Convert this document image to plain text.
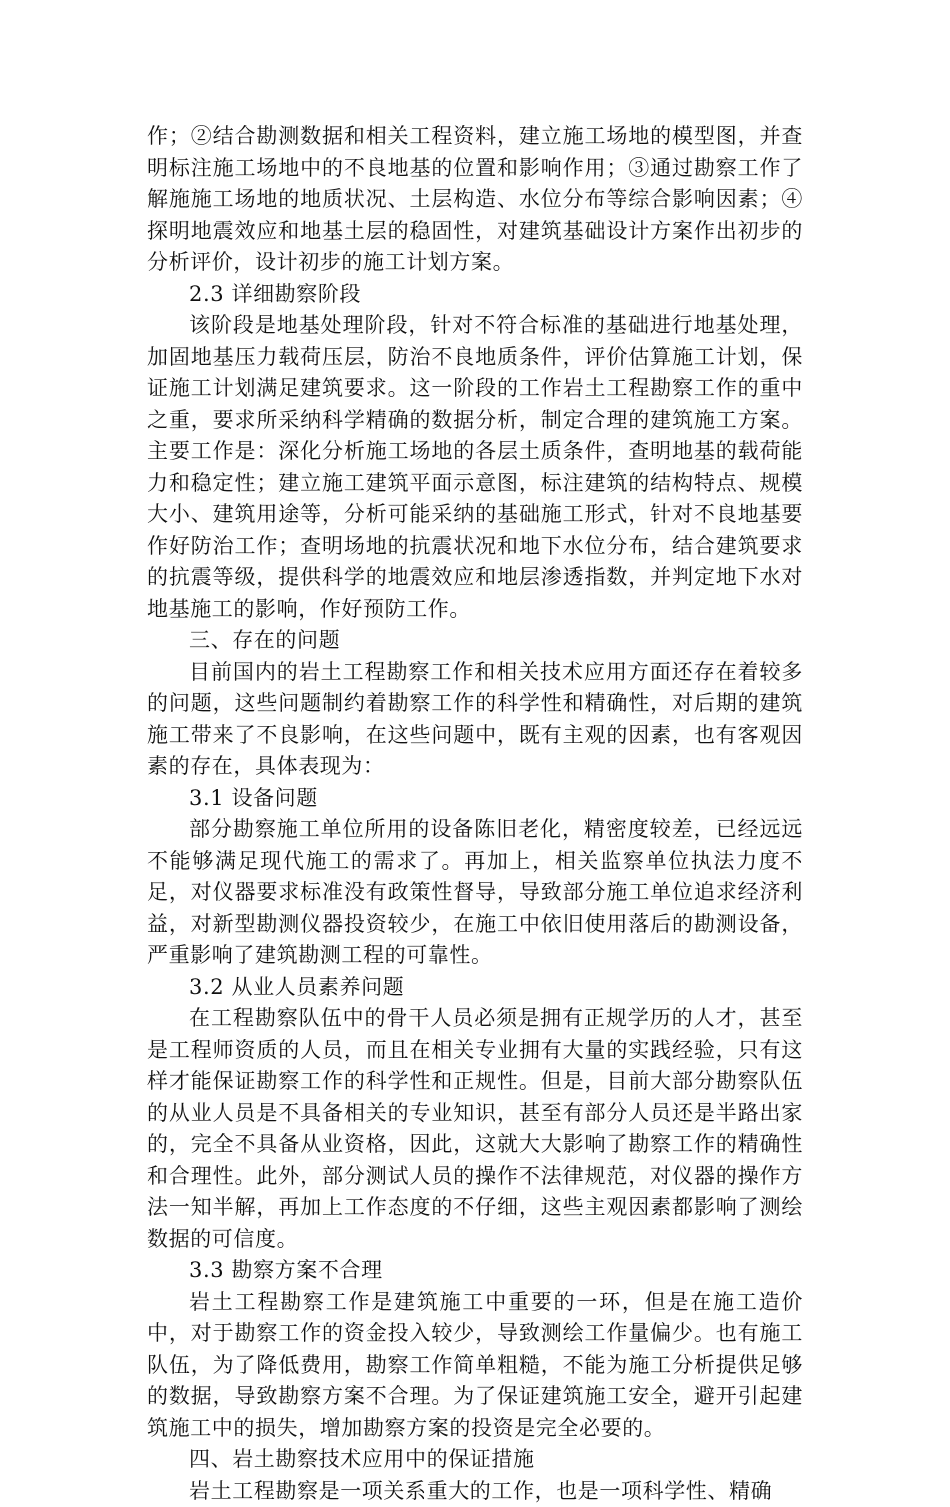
作；②结合勘测数据和相关工程资料，建立施工场地的模型图，并查明标注施工场地中的不良地基的位置和影响作用；③通过勘察工作了解施施工场地的地质状况、土层构造、水位分布等综合影响因素；④探明地震效应和地基土层的稳固性，对建筑基础设计方案作出初步的分析评价，设计初步的施工计划方案。

2.3 详细勘察阶段

该阶段是地基处理阶段，针对不符合标准的基础进行地基处理，加固地基压力载荷压层，防治不良地质条件，评价估算施工计划，保证施工计划满足建筑要求。这一阶段的工作岩土工程勘察工作的重中之重，要求所采纳科学精确的数据分析，制定合理的建筑施工方案。主要工作是：深化分析施工场地的各层土质条件，查明地基的载荷能力和稳定性；建立施工建筑平面示意图，标注建筑的结构特点、规模大小、建筑用途等，分析可能采纳的基础施工形式，针对不良地基要作好防治工作；查明场地的抗震状况和地下水位分布，结合建筑要求的抗震等级，提供科学的地震效应和地层渗透指数，并判定地下水对地基施工的影响，作好预防工作。

三、存在的问题

目前国内的岩土工程勘察工作和相关技术应用方面还存在着较多的问题，这些问题制约着勘察工作的科学性和精确性，对后期的建筑施工带来了不良影响，在这些问题中，既有主观的因素，也有客观因素的存在，具体表现为：

3.1 设备问题

部分勘察施工单位所用的设备陈旧老化，精密度较差，已经远远不能够满足现代施工的需求了。再加上，相关监察单位执法力度不足，对仪器要求标准没有政策性督导，导致部分施工单位追求经济利益，对新型勘测仪器投资较少，在施工中依旧使用落后的勘测设备，严重影响了建筑勘测工程的可靠性。

3.2 从业人员素养问题

在工程勘察队伍中的骨干人员必须是拥有正规学历的人才，甚至是工程师资质的人员，而且在相关专业拥有大量的实践经验，只有这样才能保证勘察工作的科学性和正规性。但是，目前大部分勘察队伍的从业人员是不具备相关的专业知识，甚至有部分人员还是半路出家的，完全不具备从业资格，因此，这就大大影响了勘察工作的精确性和合理性。此外，部分测试人员的操作不法律规范，对仪器的操作方法一知半解，再加上工作态度的不仔细，这些主观因素都影响了测绘数据的可信度。

3.3 勘察方案不合理

岩土工程勘察工作是建筑施工中重要的一环，但是在施工造价中，对于勘察工作的资金投入较少，导致测绘工作量偏少。也有施工队伍，为了降低费用，勘察工作简单粗糙，不能为施工分析提供足够的数据，导致勘察方案不合理。为了保证建筑施工安全，避开引起建筑施工中的损失，增加勘察方案的投资是完全必要的。

四、岩土勘察技术应用中的保证措施

岩土工程勘察是一项关系重大的工作，也是一项科学性、精确
